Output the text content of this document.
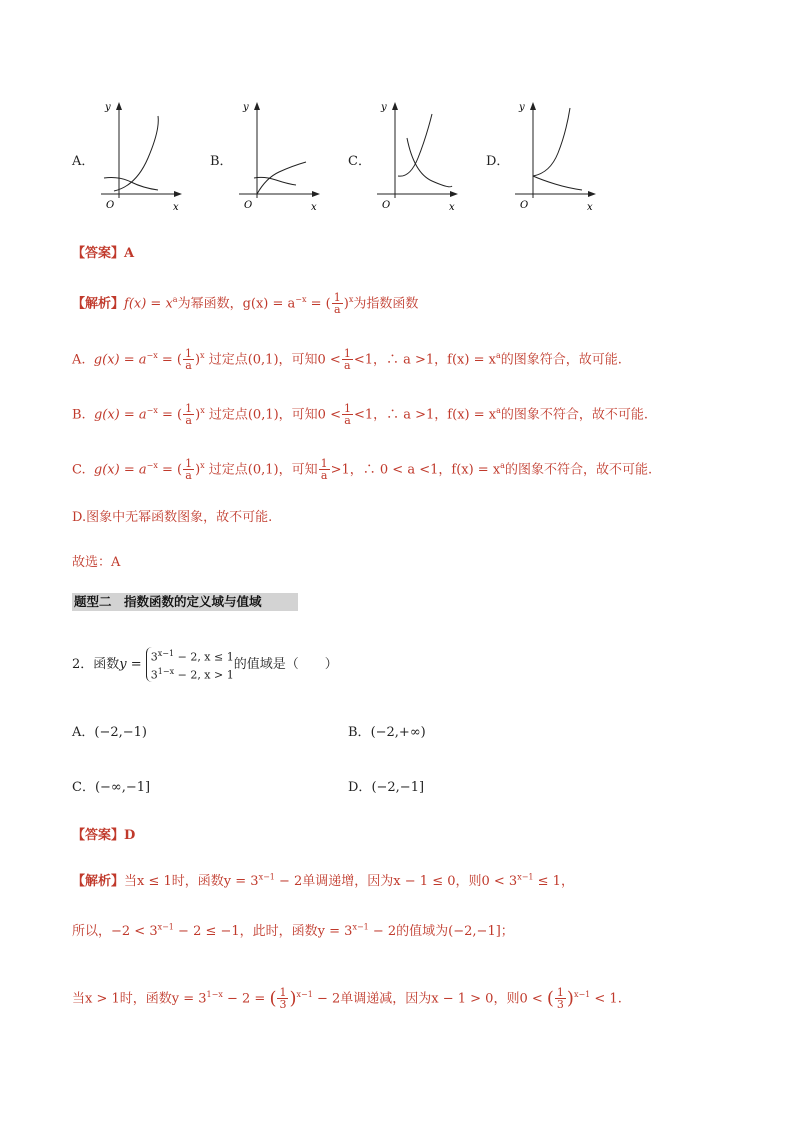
A．
y
x
O
B．
y
x
O
C．
y
x
O
D．
y
x
O
【答案】A
【解析】$f(x) = x^a$为幂函数，$g(x) = a^{-x}$ = ( $\frac{1}{a} )^x$为指数函数
A. $g(x) = a^{-x}$ = ( $\frac{1}{a} )^x$ 过定点(0,1)，可知$0 < \frac{1}{a} <1$，∴ a >1，$f(x) = x^a$的图象符合，故可能.
B. $g(x) = a^{-x}$ = ( $\frac{1}{a} )^x$ 过定点(0,1)，可知$0 < \frac{1}{a} <1$，∴ a >1，$f(x) = x^a$的图象不符合，故不可能.
C. $g(x) = a^{-x}$ = ( $\frac{1}{a} )^x$ 过定点(0,1)，可知 $\frac{1}{a} >1$，∴ 0 < a <1，$f(x) = x^a$的图象不符合，故不可能.
D.图象中无幂函数图象，故不可能.
故选：A
题型二　指数函数的定义域与值域
2．函数$y = 3^{x-1} - 2$, x ≤ 1
$3^{1-x} - 2$, x > 1
的值域是（　　）
A．(−2,−1)	B．(−2,+∞)
C．(−∞,−1]	D．(−2,−1]
【答案】D
【解析】当x ≤ 1时，函数$y = 3^{x-1} - 2$单调递增，因为x − 1 ≤ 0，则$0 < 3^{x-1} \le 1$，
所以，$-2 < 3^{x-1} - 2 \le -1$，此时，函数$y = 3^{x-1} - 2$的值域为(−2,−1]；
当x > 1时，函数$y = 3^{1-x} - 2$ = ( $\frac{1}{3} )^{x-1} - 2$单调递减，因为x − 1 > 0，则0 < ( $\frac{1}{3} )^{x-1} < 1$.
